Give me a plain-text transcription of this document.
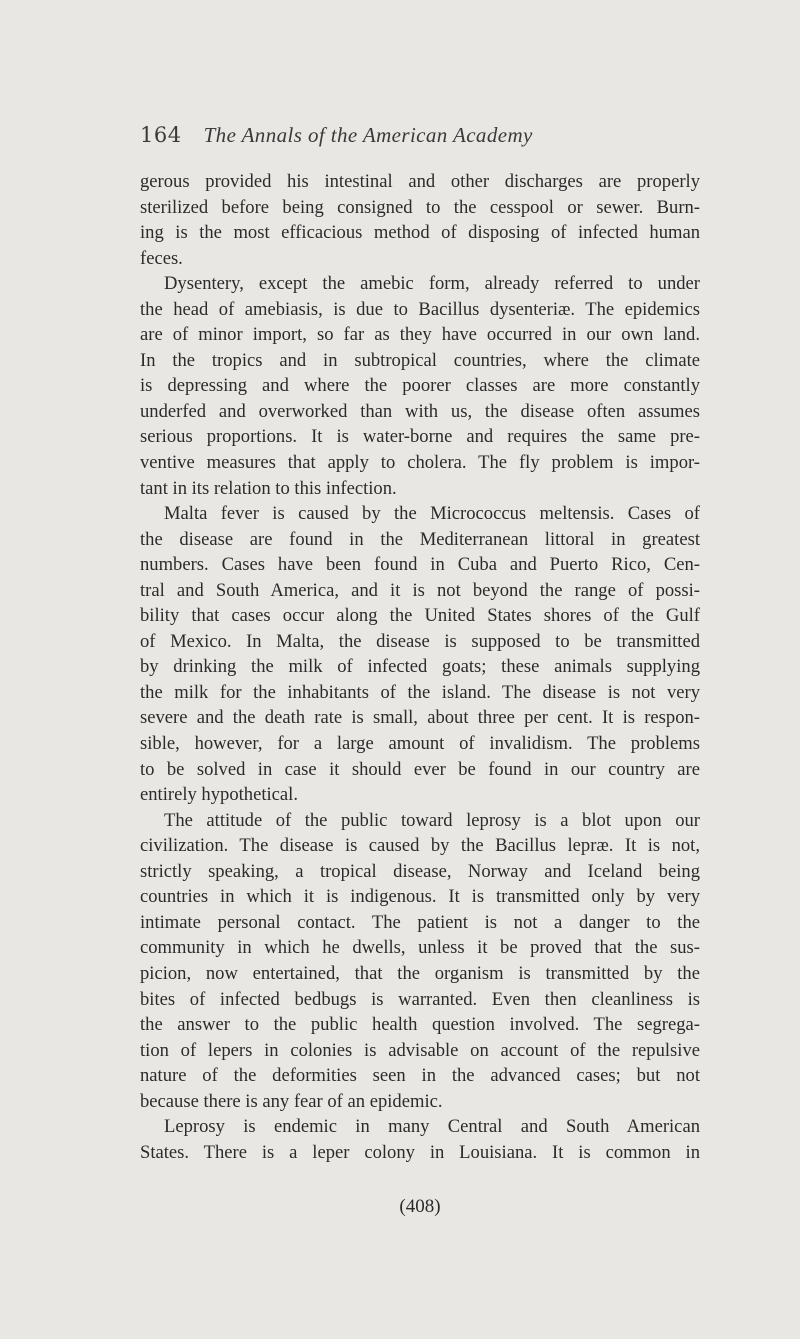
164 The Annals of the American Academy

gerous provided his intestinal and other discharges are properly
sterilized before being consigned to the cesspool or sewer. Burn-
ing is the most efficacious method of disposing of infected human
feces.

Dysentery, except the amebic form, already referred to under
the head of amebiasis, is due to Bacillus dysenteriæ. The epidemics
are of minor import, so far as they have occurred in our own land.
In the tropics and in subtropical countries, where the climate
is depressing and where the poorer classes are more constantly
underfed and overworked than with us, the disease often assumes
serious proportions. It is water-borne and requires the same pre-
ventive measures that apply to cholera. The fly problem is impor-
tant in its relation to this infection.

Malta fever is caused by the Micrococcus meltensis. Cases of
the disease are found in the Mediterranean littoral in greatest
numbers. Cases have been found in Cuba and Puerto Rico, Cen-
tral and South America, and it is not beyond the range of possi-
bility that cases occur along the United States shores of the Gulf
of Mexico. In Malta, the disease is supposed to be transmitted
by drinking the milk of infected goats; these animals supplying
the milk for the inhabitants of the island. The disease is not very
severe and the death rate is small, about three per cent. It is respon-
sible, however, for a large amount of invalidism. The problems
to be solved in case it should ever be found in our country are
entirely hypothetical.

The attitude of the public toward leprosy is a blot upon our
civilization. The disease is caused by the Bacillus lepræ. It is not,
strictly speaking, a tropical disease, Norway and Iceland being
countries in which it is indigenous. It is transmitted only by very
intimate personal contact. The patient is not a danger to the
community in which he dwells, unless it be proved that the sus-
picion, now entertained, that the organism is transmitted by the
bites of infected bedbugs is warranted. Even then cleanliness is
the answer to the public health question involved. The segrega-
tion of lepers in colonies is advisable on account of the repulsive
nature of the deformities seen in the advanced cases; but not
because there is any fear of an epidemic.

Leprosy is endemic in many Central and South American
States. There is a leper colony in Louisiana. It is common in

(408)
